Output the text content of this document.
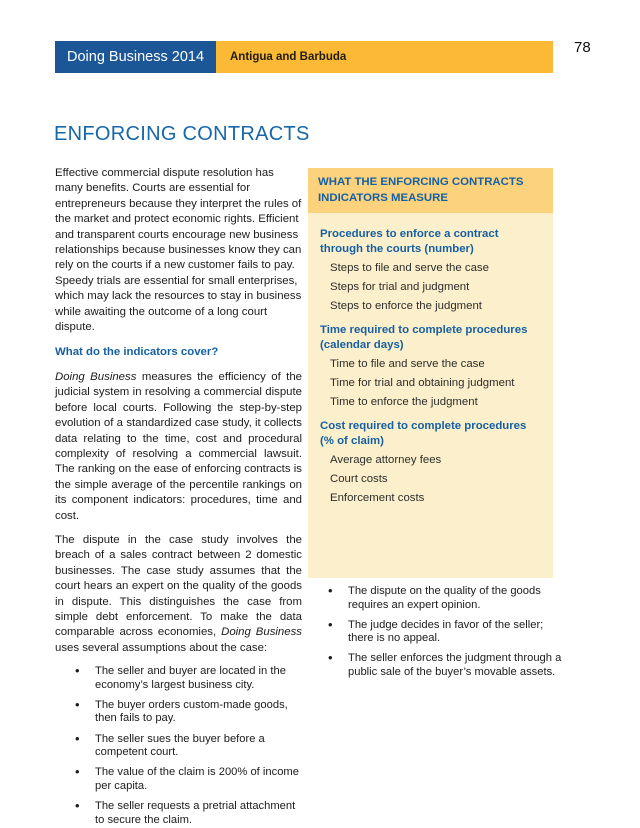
Doing Business 2014 Antigua and Barbuda
78
ENFORCING CONTRACTS

Effective commercial dispute resolution has many benefits. Courts are essential for entrepreneurs because they interpret the rules of the market and protect economic rights. Efficient and transparent courts encourage new business relationships because businesses know they can rely on the courts if a new customer fails to pay. Speedy trials are essential for small enterprises, which may lack the resources to stay in business while awaiting the outcome of a long court dispute.

What do the indicators cover?

Doing Business measures the efficiency of the judicial system in resolving a commercial dispute before local courts. Following the step-by-step evolution of a standardized case study, it collects data relating to the time, cost and procedural complexity of resolving a commercial lawsuit. The ranking on the ease of enforcing contracts is the simple average of the percentile rankings on its component indicators: procedures, time and cost.

The dispute in the case study involves the breach of a sales contract between 2 domestic businesses. The case study assumes that the court hears an expert on the quality of the goods in dispute. This distinguishes the case from simple debt enforcement. To make the data comparable across economies, Doing Business uses several assumptions about the case:

• The seller and buyer are located in the economy’s largest business city.
• The buyer orders custom-made goods, then fails to pay.
• The seller sues the buyer before a competent court.
• The value of the claim is 200% of income per capita.
• The seller requests a pretrial attachment to secure the claim.
WHAT THE ENFORCING CONTRACTS INDICATORS MEASURE
Procedures to enforce a contract through the courts (number)
Steps to file and serve the case
Steps for trial and judgment
Steps to enforce the judgment
Time required to complete procedures (calendar days)
Time to file and serve the case
Time for trial and obtaining judgment
Time to enforce the judgment
Cost required to complete procedures (% of claim)
Average attorney fees
Court costs
Enforcement costs
• The dispute on the quality of the goods requires an expert opinion.
• The judge decides in favor of the seller; there is no appeal.
• The seller enforces the judgment through a public sale of the buyer’s movable assets.
